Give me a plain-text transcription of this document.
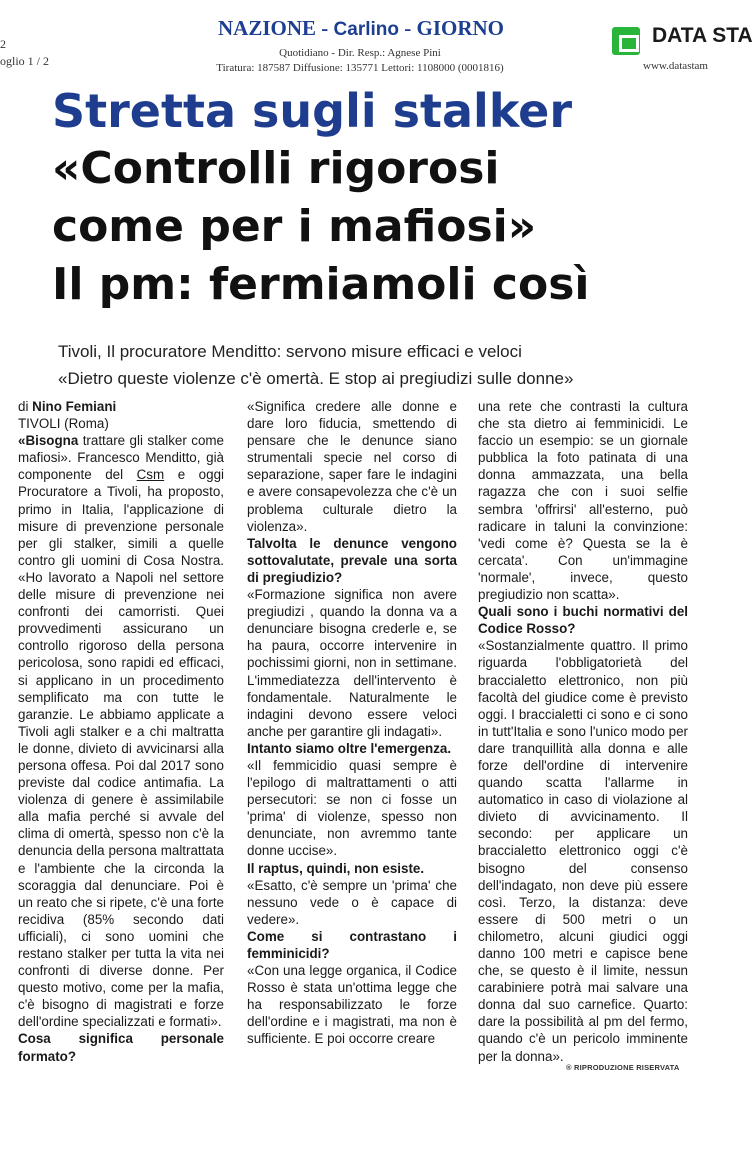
2
oglio 1 / 2
NAZIONE - Carlino - GIORNO
Quotidiano - Dir. Resp.: Agnese Pini
Tiratura: 187587 Diffusione: 135771 Lettori: 1108000 (0001816)
DATA STA
www.datastam
Stretta sugli stalker
«Controlli rigorosi
come per i mafiosi»
Il pm: fermiamoli così
Tivoli, Il procuratore Menditto: servono misure efficaci e veloci
«Dietro queste violenze c'è omertà. E stop ai pregiudizi sulle donne»

di Nino Femiani

TIVOLI (Roma)

«Bisogna trattare gli stalker come mafiosi». Francesco Menditto, già componente del Csm e oggi Procuratore a Tivoli, ha proposto, primo in Italia, l'applicazione di misure di prevenzione personale per gli stalker, simili a quelle contro gli uomini di Cosa Nostra. «Ho lavorato a Napoli nel settore delle misure di prevenzione nei confronti dei camorristi. Quei provvedimenti assicurano un controllo rigoroso della persona pericolosa, sono rapidi ed efficaci, si applicano in un procedimento semplificato ma con tutte le garanzie. Le abbiamo applicate a Tivoli agli stalker e a chi maltratta le donne, divieto di avvicinarsi alla persona offesa. Poi dal 2017 sono previste dal codice antimafia. La violenza di genere è assimilabile alla mafia perché si avvale del clima di omertà, spesso non c'è la denuncia della persona maltrattata e l'ambiente che la circonda la scoraggia dal denunciare. Poi è un reato che si ripete, c'è una forte recidiva (85% secondo dati ufficiali), ci sono uomini che restano stalker per tutta la vita nei confronti di diverse donne. Per questo motivo, come per la mafia, c'è bisogno di magistrati e forze dell'ordine specializzati e formati».

Cosa significa personale formato?

«Significa credere alle donne e dare loro fiducia, smettendo di pensare che le denunce siano strumentali specie nel corso di separazione, saper fare le indagini e avere consapevolezza che c'è un problema culturale dietro la violenza».

Talvolta le denunce vengono sottovalutate, prevale una sorta di pregiudizio?

«Formazione significa non avere pregiudizi , quando la donna va a denunciare bisogna crederle e, se ha paura, occorre intervenire in pochissimi giorni, non in settimane. L'immediatezza dell'intervento è fondamentale. Naturalmente le indagini devono essere veloci anche per garantire gli indagati».

Intanto siamo oltre l'emergenza.

«Il femmicidio quasi sempre è l'epilogo di maltrattamenti o atti persecutori: se non ci fosse un 'prima' di violenze, spesso non denunciate, non avremmo tante donne uccise».

Il raptus, quindi, non esiste.

«Esatto, c'è sempre un 'prima' che nessuno vede o è capace di vedere».

Come si contrastano i femminicidi?

«Con una legge organica, il Codice Rosso è stata un'ottima legge che ha responsabilizzato le forze dell'ordine e i magistrati, ma non è sufficiente. E poi occorre creare

una rete che contrasti la cultura che sta dietro ai femminicidi. Le faccio un esempio: se un giornale pubblica la foto patinata di una donna ammazzata, una bella ragazza che con i suoi selfie sembra 'offrirsi' all'esterno, può radicare in taluni la convinzione: 'vedi come è? Questa se la è cercata'. Con un'immagine 'normale', invece, questo pregiudizio non scatta».

Quali sono i buchi normativi del Codice Rosso?

«Sostanzialmente quattro. Il primo riguarda l'obbligatorietà del braccialetto elettronico, non più facoltà del giudice come è previsto oggi. I braccialetti ci sono e ci sono in tutt'Italia e sono l'unico modo per dare tranquillità alla donna e alle forze dell'ordine di intervenire quando scatta l'allarme in automatico in caso di violazione al divieto di avvicinamento. Il secondo: per applicare un braccialetto elettronico oggi c'è bisogno del consenso dell'indagato, non deve più essere così. Terzo, la distanza: deve essere di 500 metri o un chilometro, alcuni giudici oggi danno 100 metri e capisce bene che, se questo è il limite, nessun carabiniere potrà mai salvare una donna dal suo carnefice. Quarto: dare la possibilità al pm del fermo, quando c'è un pericolo imminente per la donna».

® RIPRODUZIONE RISERVATA
